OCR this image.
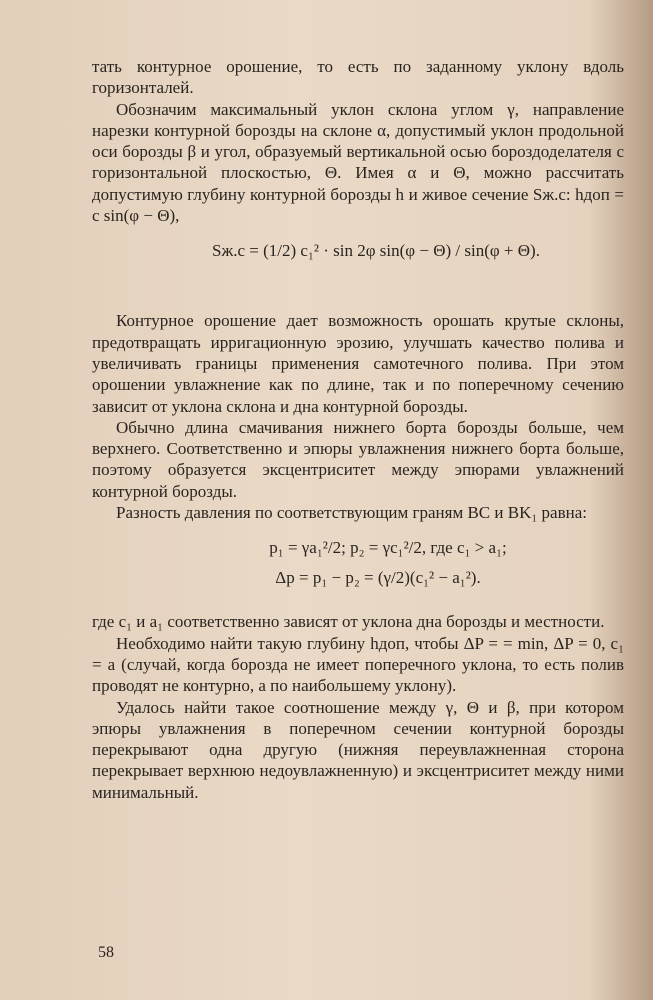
тать контурное орошение, то есть по заданному уклону вдоль горизонталей.

Обозначим максимальный уклон склона углом γ, направление нарезки контурной борозды на склоне α, допустимый уклон продольной оси борозды β и угол, образуемый вертикальной осью бороздоделателя с горизонтальной плоскостью, Θ. Имея α и Θ, можно рассчитать допустимую глубину контурной борозды h и живое сечение Sж.с: hдоп = c sin(φ − Θ),

Sж.с = (1/2) c₁² · sin 2φ sin(φ − Θ) / sin(φ + Θ).

Контурное орошение дает возможность орошать крутые склоны, предотвращать ирригационную эрозию, улучшать качество полива и увеличивать границы применения самотечного полива. При этом орошении увлажнение как по длине, так и по поперечному сечению зависит от уклона склона и дна контурной борозды.

Обычно длина смачивания нижнего борта борозды больше, чем верхнего. Соответственно и эпюры увлажнения нижнего борта больше, поэтому образуется эксцентриситет между эпюрами увлажнений контурной борозды.

Разность давления по соответствующим граням BC и BK₁ равна:

p₁ = γa₁²/2; p₂ = γc₁²/2, где c₁ > a₁;
Δp = p₁ − p₂ = (γ/2)(c₁² − a₁²).

где c₁ и a₁ соответственно зависят от уклона дна борозды и местности.

Необходимо найти такую глубину hдоп, чтобы ΔP = = min, ΔP = 0, c₁ = a (случай, когда борозда не имеет поперечного уклона, то есть полив проводят не контурно, а по наибольшему уклону).

Удалось найти такое соотношение между γ, Θ и β, при котором эпюры увлажнения в поперечном сечении контурной борозды перекрывают одна другую (нижняя переувлажненная сторона перекрывает верхнюю недоувлажненную) и эксцентриситет между ними минимальный.

58
